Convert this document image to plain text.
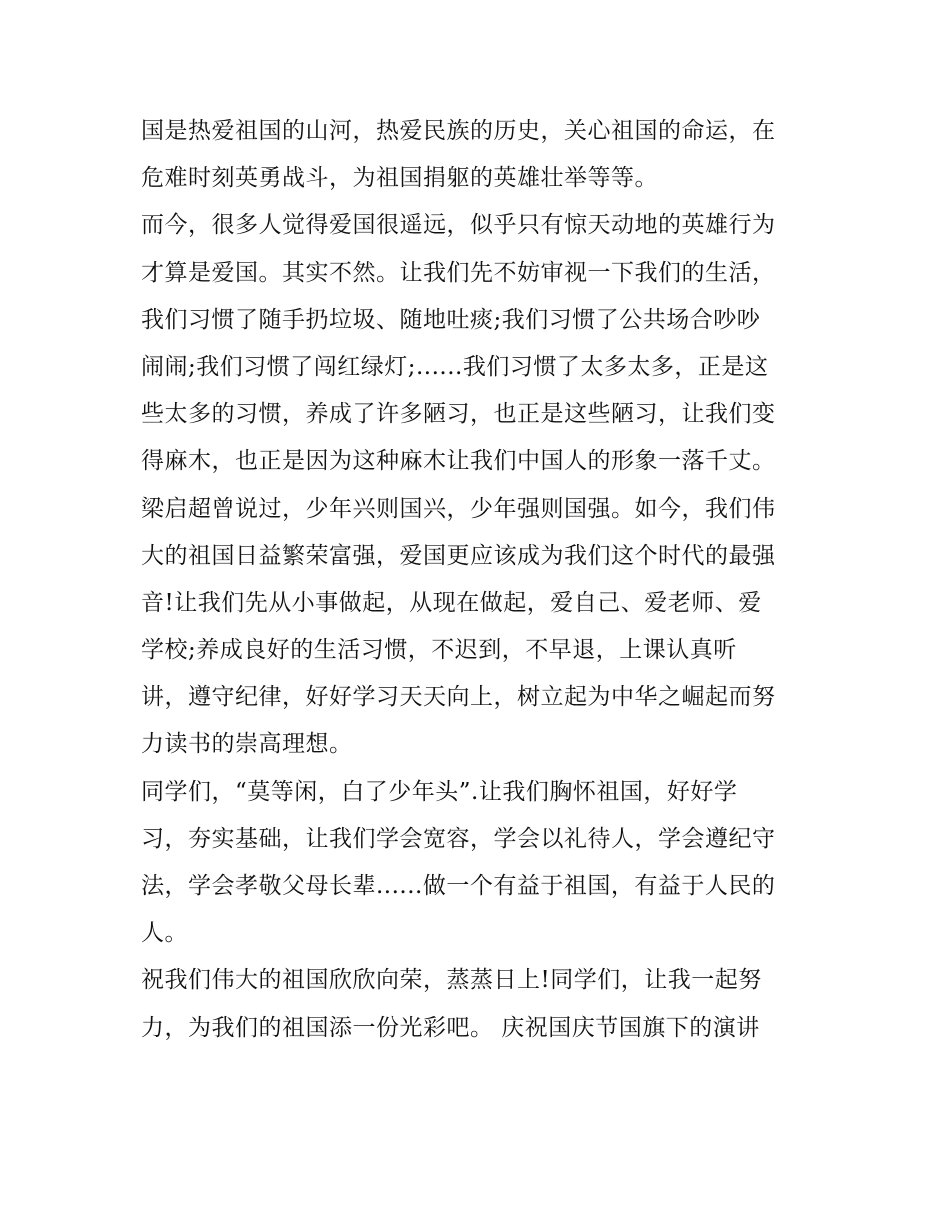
国是热爱祖国的山河，热爱民族的历史，关心祖国的命运，在
危难时刻英勇战斗，为祖国捐躯的英雄壮举等等。
而今，很多人觉得爱国很遥远，似乎只有惊天动地的英雄行为
才算是爱国。其实不然。让我们先不妨审视一下我们的生活，
我们习惯了随手扔垃圾、随地吐痰;我们习惯了公共场合吵吵
闹闹;我们习惯了闯红绿灯;......我们习惯了太多太多，正是这
些太多的习惯，养成了许多陋习，也正是这些陋习，让我们变
得麻木，也正是因为这种麻木让我们中国人的形象一落千丈。
梁启超曾说过，少年兴则国兴，少年强则国强。如今，我们伟
大的祖国日益繁荣富强，爱国更应该成为我们这个时代的最强
音!让我们先从小事做起，从现在做起，爱自己、爱老师、爱
学校;养成良好的生活习惯，不迟到，不早退，上课认真听
讲，遵守纪律，好好学习天天向上，树立起为中华之崛起而努
力读书的崇高理想。
同学们，“莫等闲，白了少年头”.让我们胸怀祖国，好好学
习，夯实基础，让我们学会宽容，学会以礼待人，学会遵纪守
法，学会孝敬父母长辈......做一个有益于祖国，有益于人民的
人。
祝我们伟大的祖国欣欣向荣，蒸蒸日上!同学们，让我一起努
力，为我们的祖国添一份光彩吧。 庆祝国庆节国旗下的演讲
